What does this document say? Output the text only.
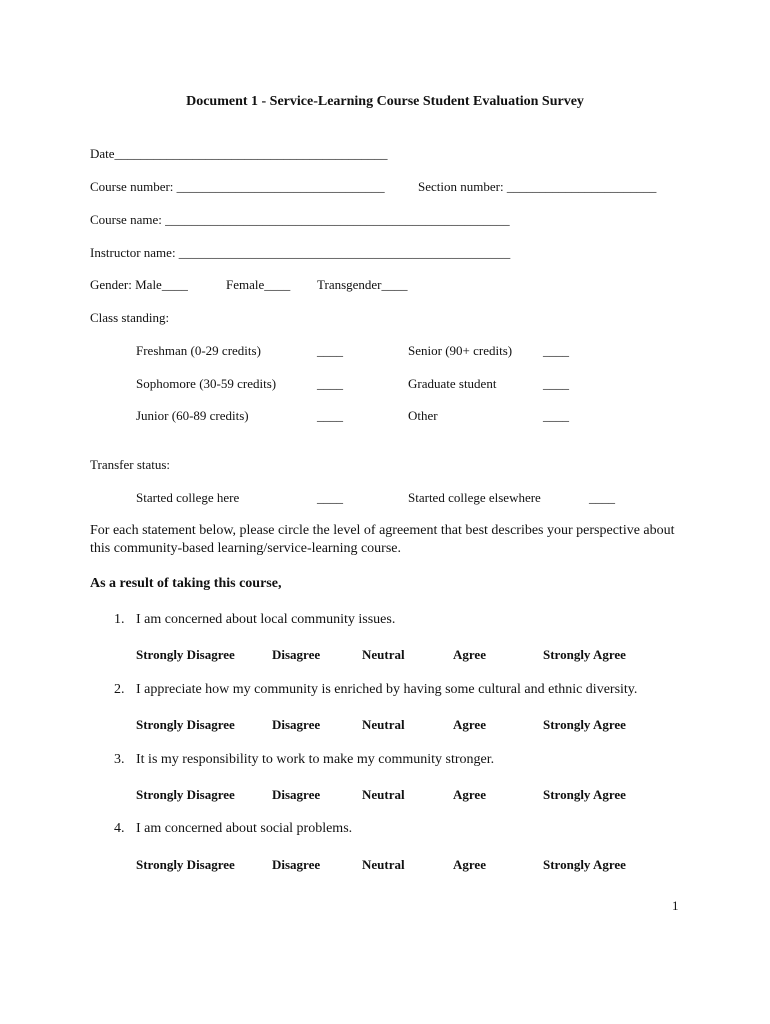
Document 1 - Service-Learning Course Student Evaluation Survey
Date__________________________________________
Course number: ________________________________	Section number: _______________________
Course name: _____________________________________________________
Instructor name: ___________________________________________________
Gender: Male____	Female____ Transgender____
Class standing:
Freshman (0-29 credits)	____	Senior (90+ credits) ____
Sophomore (30-59 credits)	____	Graduate student	____
Junior (60-89 credits)	____	Other	____
Transfer status:
Started college here	____	Started college elsewhere	____
For each statement below, please circle the level of agreement that best describes your perspective about this community-based learning/service-learning course.
As a result of taking this course,
1. I am concerned about local community issues.
Strongly Disagree	Disagree	Neutral	Agree	Strongly Agree
2. I appreciate how my community is enriched by having some cultural and ethnic diversity.
Strongly Disagree	Disagree	Neutral	Agree	Strongly Agree
3. It is my responsibility to work to make my community stronger.
Strongly Disagree	Disagree	Neutral	Agree	Strongly Agree
4. I am concerned about social problems.
Strongly Disagree	Disagree	Neutral	Agree	Strongly Agree
1
